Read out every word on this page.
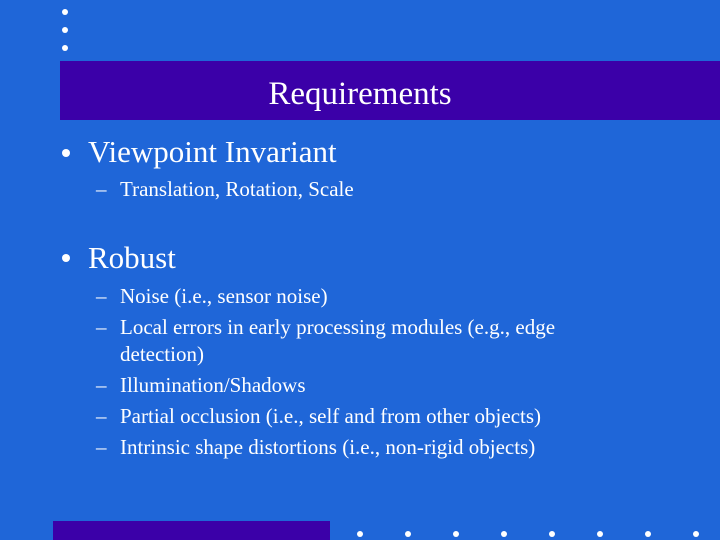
Requirements
Viewpoint Invariant
– Translation, Rotation, Scale
Robust
– Noise (i.e., sensor noise)
– Local errors in early processing modules (e.g., edge
detection)
– Illumination/Shadows
– Partial occlusion (i.e., self and from other objects)
– Intrinsic shape distortions (i.e., non-rigid objects)
